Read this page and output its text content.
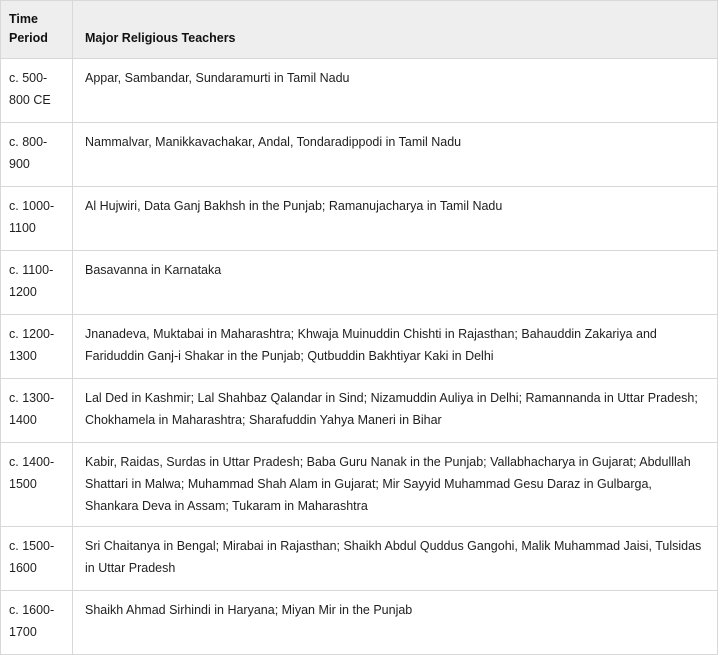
Time Period	Major Religious Teachers
c. 500-800 CE	Appar, Sambandar, Sundaramurti in Tamil Nadu
c. 800-900	Nammalvar, Manikkavachakar, Andal, Tondaradippodi in Tamil Nadu
c. 1000-1100	Al Hujwiri, Data Ganj Bakhsh in the Punjab; Ramanujacharya in Tamil Nadu
c. 1100-1200	Basavanna in Karnataka
c. 1200-1300	Jnanadeva, Muktabai in Maharashtra; Khwaja Muinuddin Chishti in Rajasthan; Bahauddin Zakariya and Fariduddin Ganj-i Shakar in the Punjab; Qutbuddin Bakhtiyar Kaki in Delhi
c. 1300-1400	Lal Ded in Kashmir; Lal Shahbaz Qalandar in Sind; Nizamuddin Auliya in Delhi; Ramannanda in Uttar Pradesh; Chokhamela in Maharashtra; Sharafuddin Yahya Maneri in Bihar
c. 1400-1500	Kabir, Raidas, Surdas in Uttar Pradesh; Baba Guru Nanak in the Punjab; Vallabhacharya in Gujarat; Abdulllah Shattari in Malwa; Muhammad Shah Alam in Gujarat; Mir Sayyid Muhammad Gesu Daraz in Gulbarga, Shankara Deva in Assam; Tukaram in Maharashtra
c. 1500-1600	Sri Chaitanya in Bengal; Mirabai in Rajasthan; Shaikh Abdul Quddus Gangohi, Malik Muhammad Jaisi, Tulsidas in Uttar Pradesh
c. 1600-1700	Shaikh Ahmad Sirhindi in Haryana; Miyan Mir in the Punjab
